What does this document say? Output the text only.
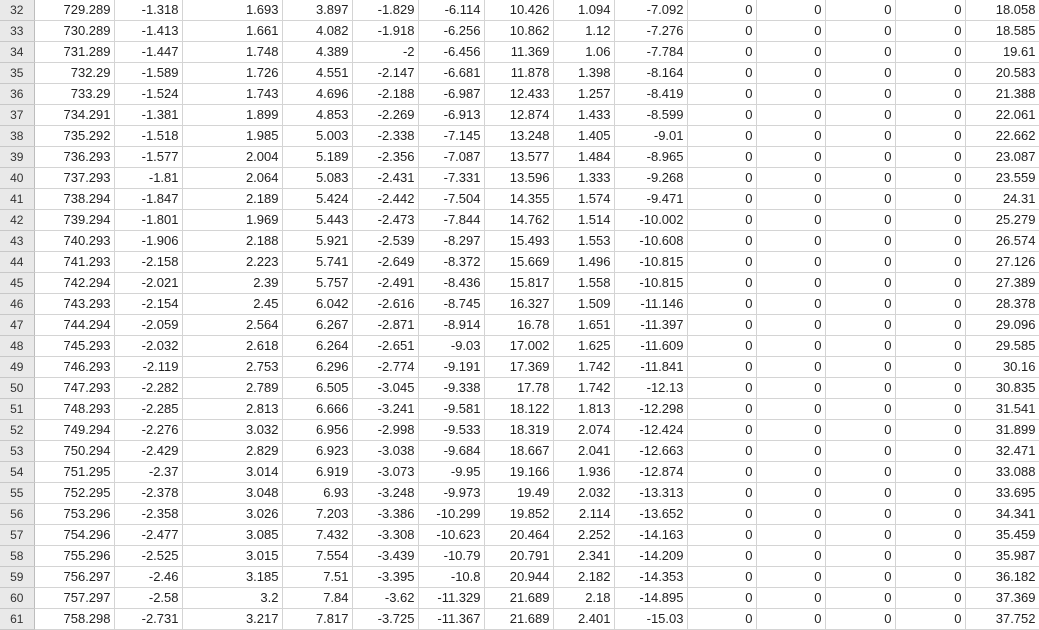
32	729.289	-1.318	1.693	3.897	-1.829	-6.114	10.426	1.094	-7.092	0	0	0	0	18.058
33	730.289	-1.413	1.661	4.082	-1.918	-6.256	10.862	1.12	-7.276	0	0	0	0	18.585
34	731.289	-1.447	1.748	4.389	-2	-6.456	11.369	1.06	-7.784	0	0	0	0	19.61
35	732.29	-1.589	1.726	4.551	-2.147	-6.681	11.878	1.398	-8.164	0	0	0	0	20.583
36	733.29	-1.524	1.743	4.696	-2.188	-6.987	12.433	1.257	-8.419	0	0	0	0	21.388
37	734.291	-1.381	1.899	4.853	-2.269	-6.913	12.874	1.433	-8.599	0	0	0	0	22.061
38	735.292	-1.518	1.985	5.003	-2.338	-7.145	13.248	1.405	-9.01	0	0	0	0	22.662
39	736.293	-1.577	2.004	5.189	-2.356	-7.087	13.577	1.484	-8.965	0	0	0	0	23.087
40	737.293	-1.81	2.064	5.083	-2.431	-7.331	13.596	1.333	-9.268	0	0	0	0	23.559
41	738.294	-1.847	2.189	5.424	-2.442	-7.504	14.355	1.574	-9.471	0	0	0	0	24.31
42	739.294	-1.801	1.969	5.443	-2.473	-7.844	14.762	1.514	-10.002	0	0	0	0	25.279
43	740.293	-1.906	2.188	5.921	-2.539	-8.297	15.493	1.553	-10.608	0	0	0	0	26.574
44	741.293	-2.158	2.223	5.741	-2.649	-8.372	15.669	1.496	-10.815	0	0	0	0	27.126
45	742.294	-2.021	2.39	5.757	-2.491	-8.436	15.817	1.558	-10.815	0	0	0	0	27.389
46	743.293	-2.154	2.45	6.042	-2.616	-8.745	16.327	1.509	-11.146	0	0	0	0	28.378
47	744.294	-2.059	2.564	6.267	-2.871	-8.914	16.78	1.651	-11.397	0	0	0	0	29.096
48	745.293	-2.032	2.618	6.264	-2.651	-9.03	17.002	1.625	-11.609	0	0	0	0	29.585
49	746.293	-2.119	2.753	6.296	-2.774	-9.191	17.369	1.742	-11.841	0	0	0	0	30.16
50	747.293	-2.282	2.789	6.505	-3.045	-9.338	17.78	1.742	-12.13	0	0	0	0	30.835
51	748.293	-2.285	2.813	6.666	-3.241	-9.581	18.122	1.813	-12.298	0	0	0	0	31.541
52	749.294	-2.276	3.032	6.956	-2.998	-9.533	18.319	2.074	-12.424	0	0	0	0	31.899
53	750.294	-2.429	2.829	6.923	-3.038	-9.684	18.667	2.041	-12.663	0	0	0	0	32.471
54	751.295	-2.37	3.014	6.919	-3.073	-9.95	19.166	1.936	-12.874	0	0	0	0	33.088
55	752.295	-2.378	3.048	6.93	-3.248	-9.973	19.49	2.032	-13.313	0	0	0	0	33.695
56	753.296	-2.358	3.026	7.203	-3.386	-10.299	19.852	2.114	-13.652	0	0	0	0	34.341
57	754.296	-2.477	3.085	7.432	-3.308	-10.623	20.464	2.252	-14.163	0	0	0	0	35.459
58	755.296	-2.525	3.015	7.554	-3.439	-10.79	20.791	2.341	-14.209	0	0	0	0	35.987
59	756.297	-2.46	3.185	7.51	-3.395	-10.8	20.944	2.182	-14.353	0	0	0	0	36.182
60	757.297	-2.58	3.2	7.84	-3.62	-11.329	21.689	2.18	-14.895	0	0	0	0	37.369
61	758.298	-2.731	3.217	7.817	-3.725	-11.367	21.689	2.401	-15.03	0	0	0	0	37.752
